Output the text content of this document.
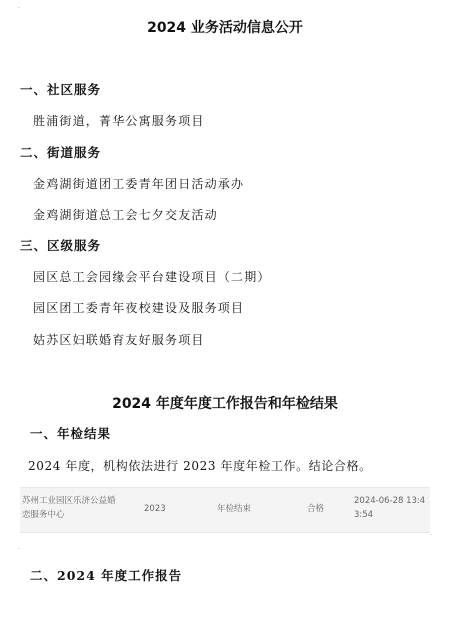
.
2024 业务活动信息公开
一、社区服务
胜浦街道，菁华公寓服务项目
二、街道服务
金鸡湖街道团工委青年团日活动承办
金鸡湖街道总工会七夕交友活动
三、区级服务
园区总工会园缘会平台建设项目（二期）
园区团工委青年夜校建设及服务项目
姑苏区妇联婚育友好服务项目
2024 年度年度工作报告和年检结果
一、年检结果
2024 年度，机构依法进行 2023 年度年检工作。结论合格。
苏州工业园区乐济公益婚
恋服务中心
2023	年检结束	合格
2024-06-28 13:4
3:54
.
.
二、2024 年度工作报告
